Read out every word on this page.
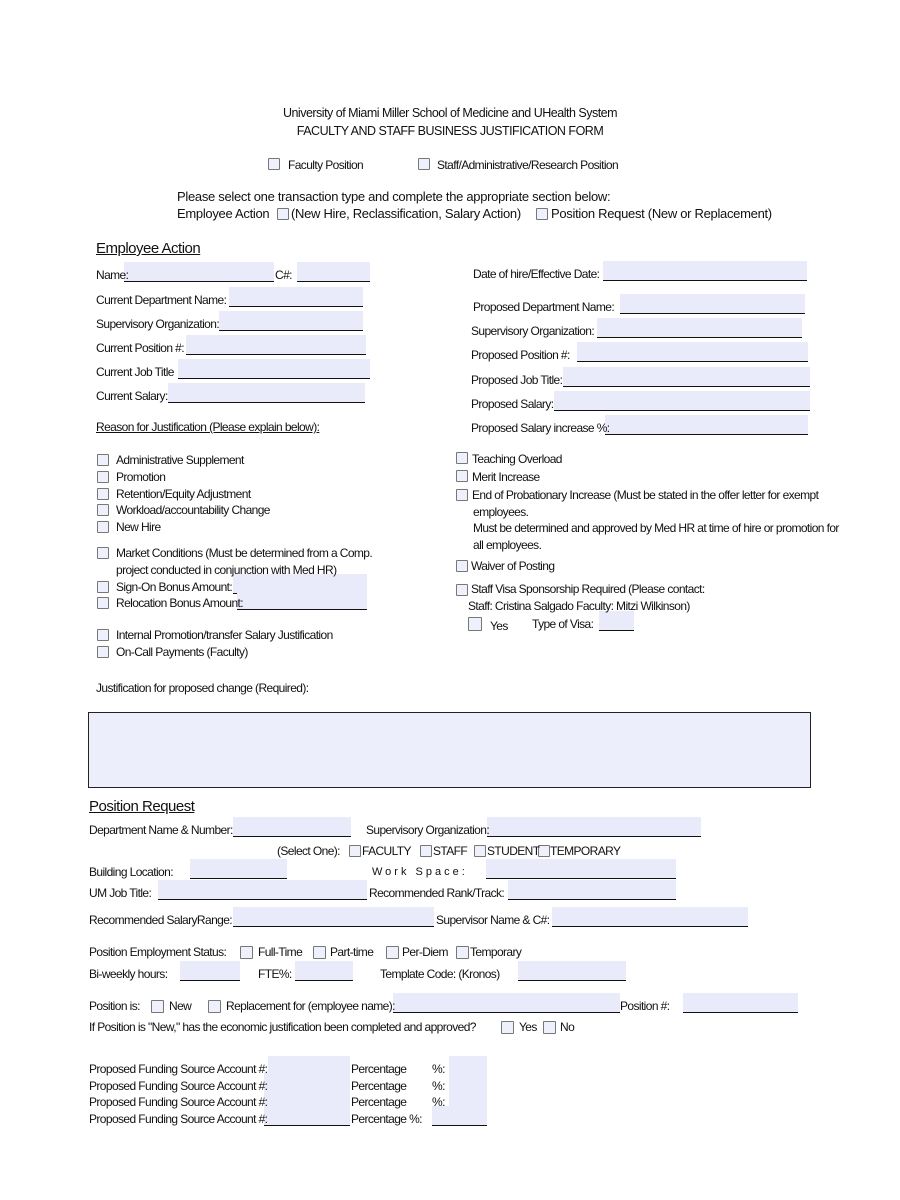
University of Miami Miller School of Medicine and UHealth System
FACULTY AND STAFF BUSINESS JUSTIFICATION FORM
Faculty Position	Staff/Administrative/Research Position
Please select one transaction type and complete the appropriate section below:
Employee Action (New Hire, Reclassification, Salary Action) Position Request (New or Replacement)
Employee Action
Name:	C#:
Current Department Name:
Supervisory Organization:
Current Position #:
Current Job Title
Current Salary:
Date of hire/Effective Date:
Proposed Department Name:
Supervisory Organization:
Proposed Position #:
Proposed Job Title:
Proposed Salary:
Proposed Salary increase %:
Reason for Justification (Please explain below):
Administrative Supplement
Promotion
Retention/Equity Adjustment
Workload/accountability Change
New Hire
Market Conditions (Must be determined from a Comp.
project conducted in conjunction with Med HR)
Sign-On Bonus Amount:
Relocation Bonus Amount:
Internal Promotion/transfer Salary Justification
On-Call Payments (Faculty)
Teaching Overload
Merit Increase
End of Probationary Increase (Must be stated in the offer letter for exempt
employees.
Must be determined and approved by Med HR at time of hire or promotion for
all employees.
Waiver of Posting
Staff Visa Sponsorship Required (Please contact:
Staff: Cristina Salgado Faculty: Mitzi Wilkinson)
Yes Type of Visa:
Justification for proposed change (Required):
Position Request
Department Name & Number:	Supervisory Organization:
(Select One): FACULTY STAFF STUDENT TEMPORARY
Building Location:	Work Space:
UM Job Title:	Recommended Rank/Track:
Recommended SalaryRange:	Supervisor Name & C#:
Position Employment Status:	Full-Time Part-time Per-Diem Temporary
Bi-weekly hours:	FTE%:	Template Code: (Kronos)
Position is: New	Replacement for (employee name):	Position #:
If Position is "New," has the economic justification been completed and approved?	Yes No
Proposed Funding Source Account #:	Percentage %:
Proposed Funding Source Account #:	Percentage %:
Proposed Funding Source Account #:	Percentage %:
Proposed Funding Source Account #:	Percentage %:
